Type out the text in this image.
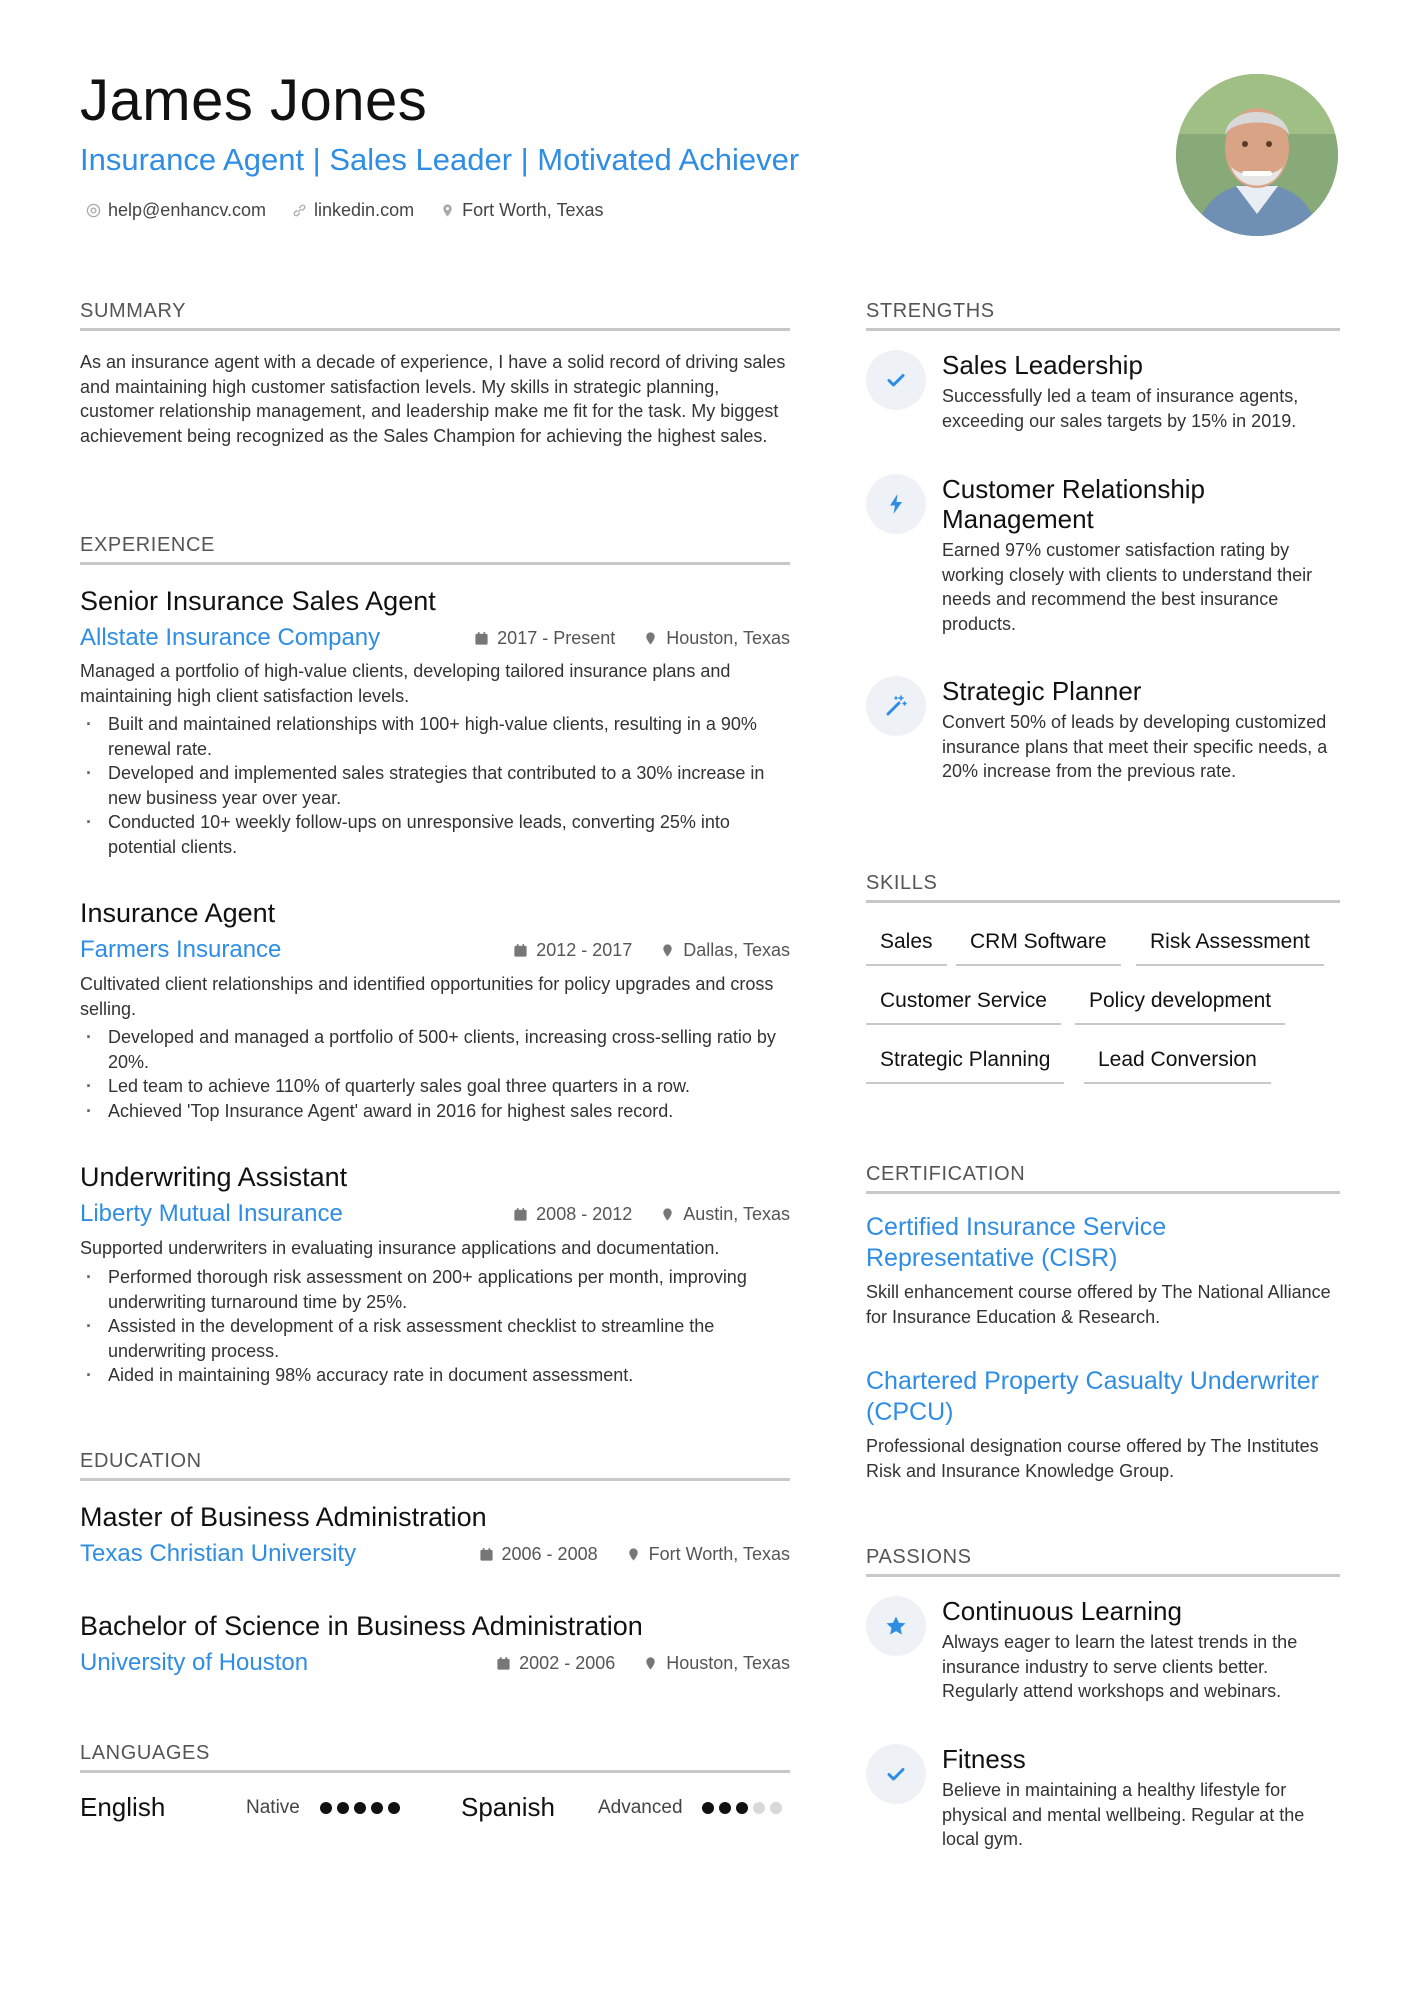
James Jones
Insurance Agent | Sales Leader | Motivated Achiever
help@enhancv.com	linkedin.com	Fort Worth, Texas
SUMMARY
As an insurance agent with a decade of experience, I have a solid record of driving sales and maintaining high customer satisfaction levels. My skills in strategic planning, customer relationship management, and leadership make me fit for the task. My biggest achievement being recognized as the Sales Champion for achieving the highest sales.
EXPERIENCE
Senior Insurance Sales Agent
Allstate Insurance Company	2017 - Present	Houston, Texas
Managed a portfolio of high-value clients, developing tailored insurance plans and maintaining high client satisfaction levels.
· Built and maintained relationships with 100+ high-value clients, resulting in a 90% renewal rate.
· Developed and implemented sales strategies that contributed to a 30% increase in new business year over year.
· Conducted 10+ weekly follow-ups on unresponsive leads, converting 25% into potential clients.
Insurance Agent
Farmers Insurance	2012 - 2017	Dallas, Texas
Cultivated client relationships and identified opportunities for policy upgrades and cross selling.
· Developed and managed a portfolio of 500+ clients, increasing cross-selling ratio by 20%.
· Led team to achieve 110% of quarterly sales goal three quarters in a row.
· Achieved 'Top Insurance Agent' award in 2016 for highest sales record.
Underwriting Assistant
Liberty Mutual Insurance	2008 - 2012	Austin, Texas
Supported underwriters in evaluating insurance applications and documentation.
· Performed thorough risk assessment on 200+ applications per month, improving underwriting turnaround time by 25%.
· Assisted in the development of a risk assessment checklist to streamline the underwriting process.
· Aided in maintaining 98% accuracy rate in document assessment.
EDUCATION
Master of Business Administration
Texas Christian University	2006 - 2008	Fort Worth, Texas
Bachelor of Science in Business Administration
University of Houston	2002 - 2006	Houston, Texas
LANGUAGES
English	Native	Spanish	Advanced
STRENGTHS
Sales Leadership
Successfully led a team of insurance agents, exceeding our sales targets by 15% in 2019.
Customer Relationship Management
Earned 97% customer satisfaction rating by working closely with clients to understand their needs and recommend the best insurance products.
Strategic Planner
Convert 50% of leads by developing customized insurance plans that meet their specific needs, a 20% increase from the previous rate.
SKILLS
Sales	CRM Software	Risk Assessment
Customer Service	Policy development
Strategic Planning	Lead Conversion
CERTIFICATION
Certified Insurance Service Representative (CISR)
Skill enhancement course offered by The National Alliance for Insurance Education & Research.
Chartered Property Casualty Underwriter (CPCU)
Professional designation course offered by The Institutes Risk and Insurance Knowledge Group.
PASSIONS
Continuous Learning
Always eager to learn the latest trends in the insurance industry to serve clients better. Regularly attend workshops and webinars.
Fitness
Believe in maintaining a healthy lifestyle for physical and mental wellbeing. Regular at the local gym.
